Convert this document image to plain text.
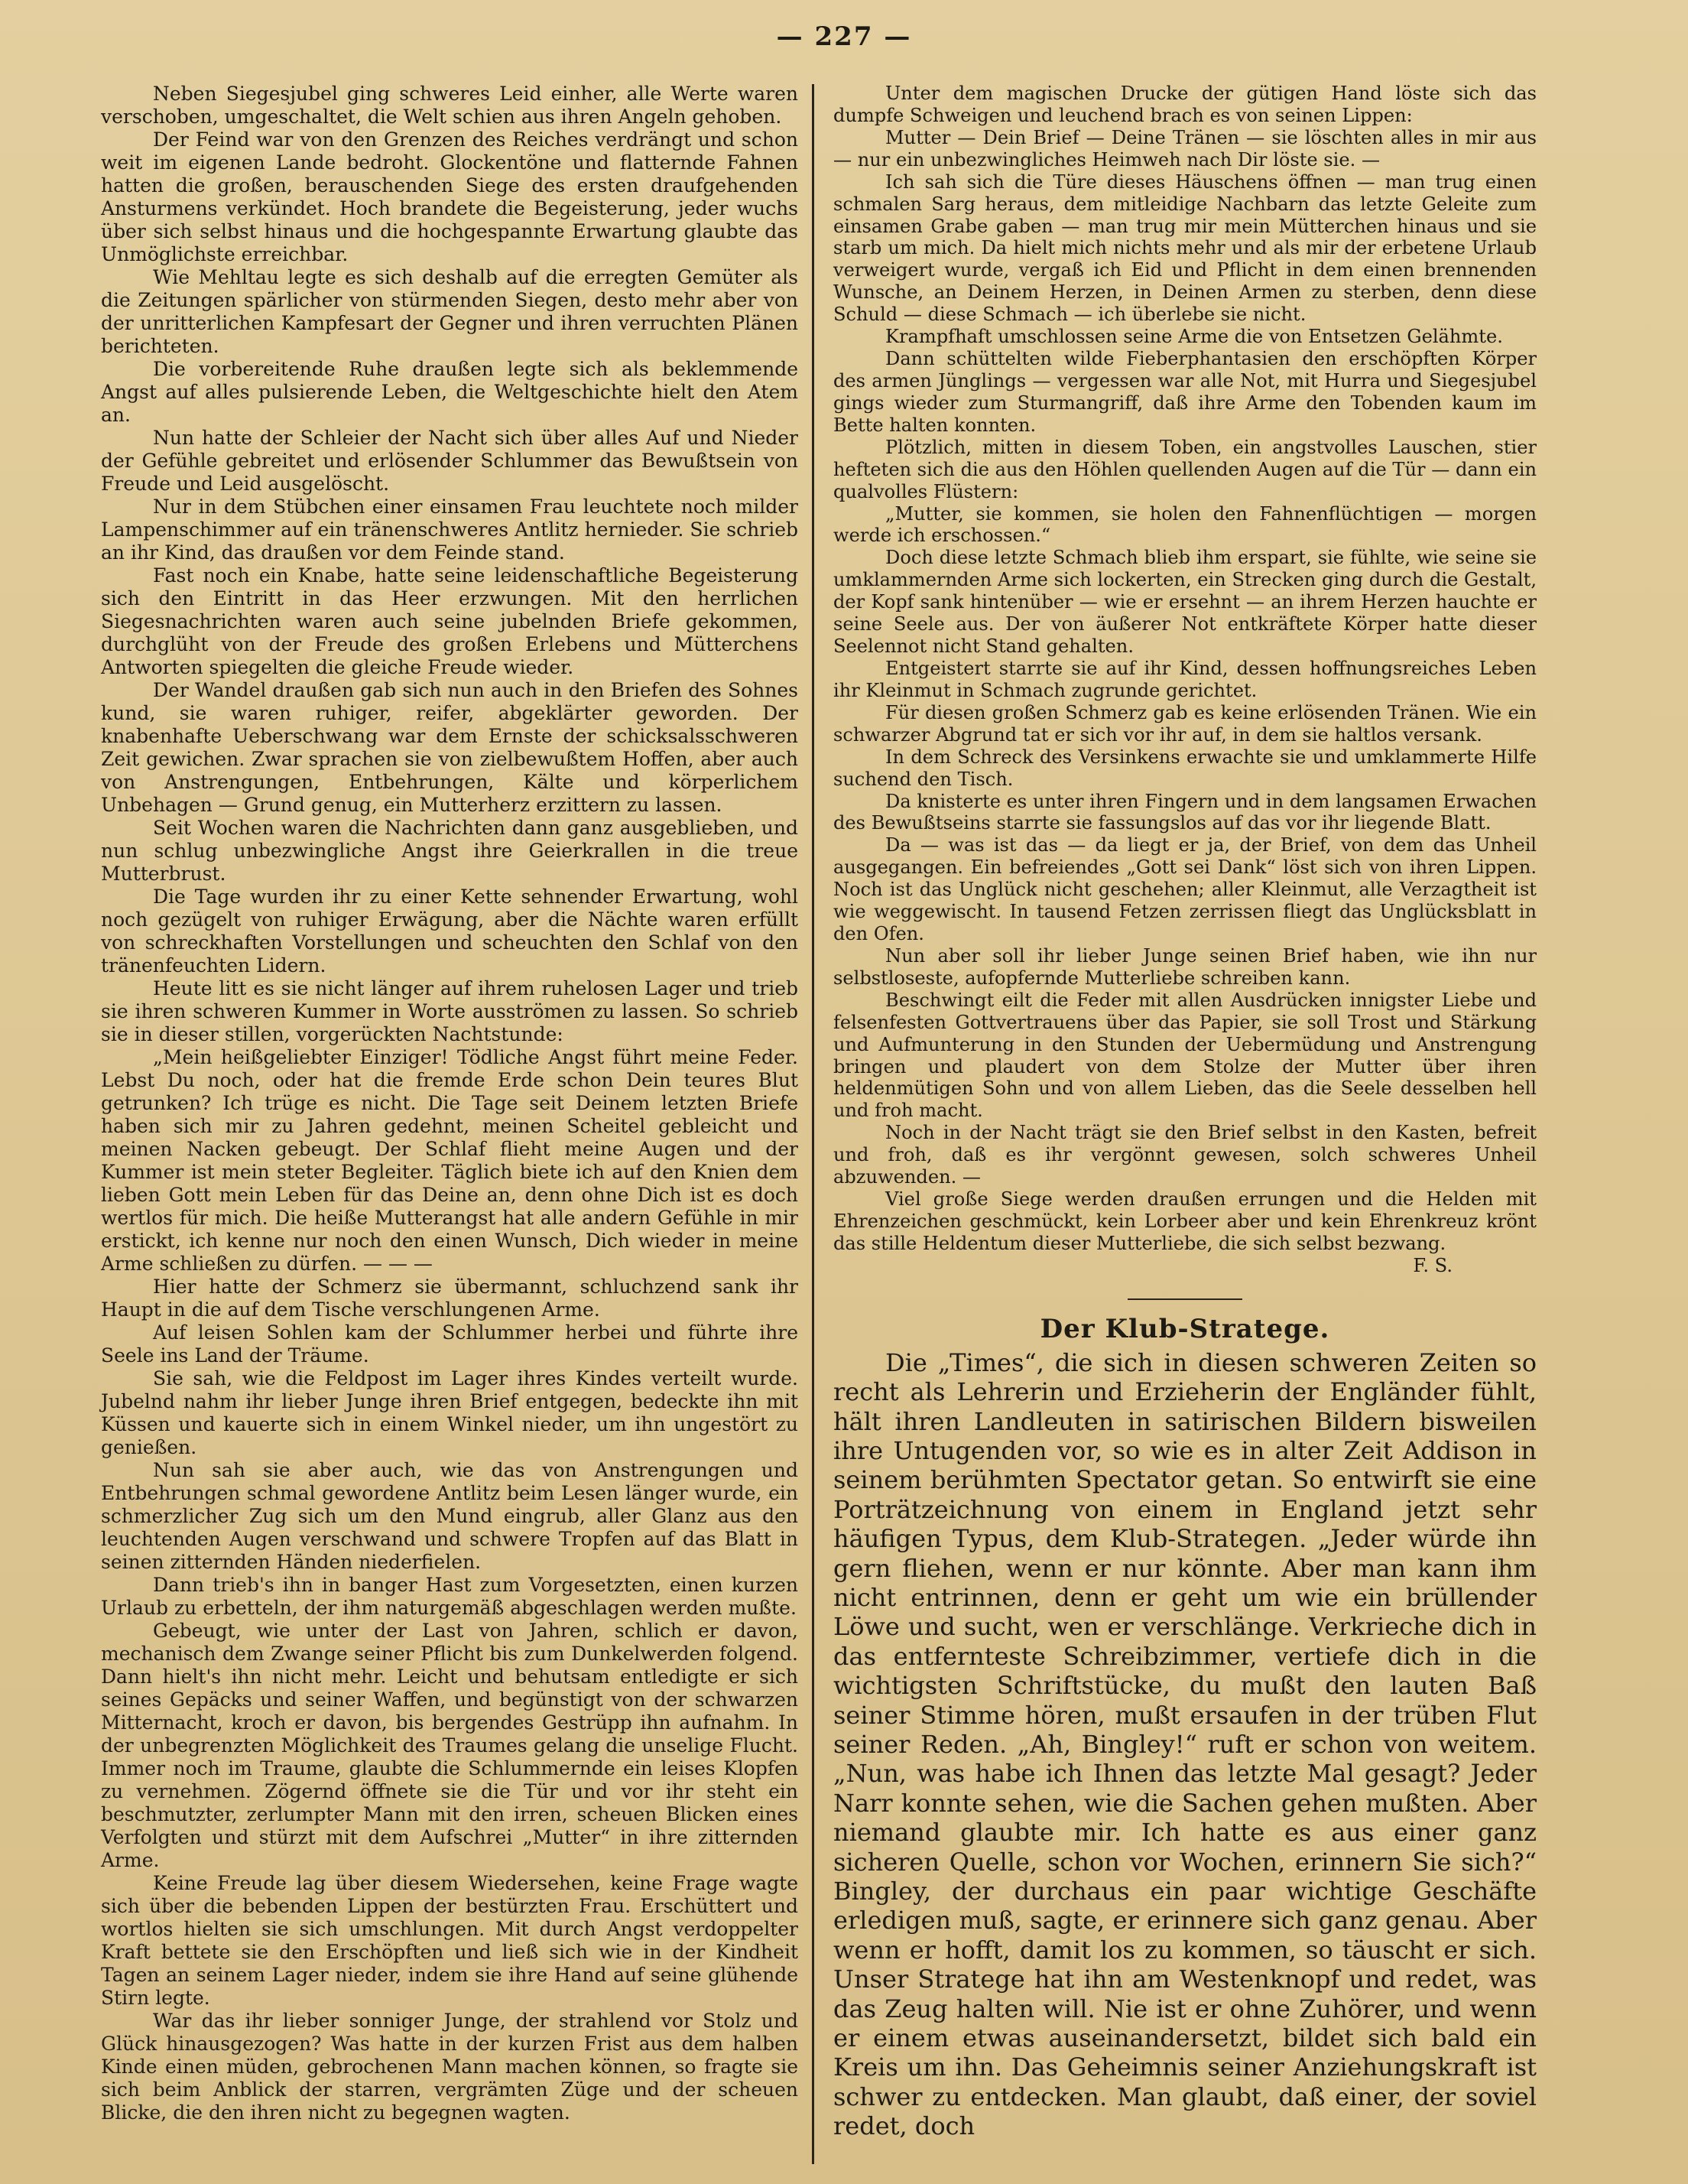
— 227 —

Neben Siegesjubel ging schweres Leid einher, alle Werte waren verschoben, umgeschaltet, die Welt schien aus ihren Angeln gehoben.

Der Feind war von den Grenzen des Reiches verdrängt und schon weit im eigenen Lande bedroht. Glockentöne und flatternde Fahnen hatten die großen, berauschenden Siege des ersten draufgehenden Ansturmens verkündet. Hoch brandete die Begeisterung, jeder wuchs über sich selbst hinaus und die hochgespannte Erwartung glaubte das Unmöglichste erreichbar.

Wie Mehltau legte es sich deshalb auf die erregten Gemüter als die Zeitungen spärlicher von stürmenden Siegen, desto mehr aber von der unritterlichen Kampfesart der Gegner und ihren verruchten Plänen berichteten.

Die vorbereitende Ruhe draußen legte sich als beklemmende Angst auf alles pulsierende Leben, die Weltgeschichte hielt den Atem an.

Nun hatte der Schleier der Nacht sich über alles Auf und Nieder der Gefühle gebreitet und erlösender Schlummer das Bewußtsein von Freude und Leid ausgelöscht.

Nur in dem Stübchen einer einsamen Frau leuchtete noch milder Lampenschimmer auf ein tränenschweres Antlitz hernieder. Sie schrieb an ihr Kind, das draußen vor dem Feinde stand.

Fast noch ein Knabe, hatte seine leidenschaftliche Begeisterung sich den Eintritt in das Heer erzwungen. Mit den herrlichen Siegesnachrichten waren auch seine jubelnden Briefe gekommen, durchglüht von der Freude des großen Erlebens und Mütterchens Antworten spiegelten die gleiche Freude wieder.

Der Wandel draußen gab sich nun auch in den Briefen des Sohnes kund, sie waren ruhiger, reifer, abgeklärter geworden. Der knabenhafte Ueberschwang war dem Ernste der schicksalsschweren Zeit gewichen. Zwar sprachen sie von zielbewußtem Hoffen, aber auch von Anstrengungen, Entbehrungen, Kälte und körperlichem Unbehagen — Grund genug, ein Mutterherz erzittern zu lassen.

Seit Wochen waren die Nachrichten dann ganz ausgeblieben, und nun schlug unbezwingliche Angst ihre Geierkrallen in die treue Mutterbrust.

Die Tage wurden ihr zu einer Kette sehnender Erwartung, wohl noch gezügelt von ruhiger Erwägung, aber die Nächte waren erfüllt von schreckhaften Vorstellungen und scheuchten den Schlaf von den tränenfeuchten Lidern.

Heute litt es sie nicht länger auf ihrem ruhelosen Lager und trieb sie ihren schweren Kummer in Worte ausströmen zu lassen. So schrieb sie in dieser stillen, vorgerückten Nachtstunde:

„Mein heißgeliebter Einziger! Tödliche Angst führt meine Feder. Lebst Du noch, oder hat die fremde Erde schon Dein teures Blut getrunken? Ich trüge es nicht. Die Tage seit Deinem letzten Briefe haben sich mir zu Jahren gedehnt, meinen Scheitel gebleicht und meinen Nacken gebeugt. Der Schlaf flieht meine Augen und der Kummer ist mein steter Begleiter. Täglich biete ich auf den Knien dem lieben Gott mein Leben für das Deine an, denn ohne Dich ist es doch wertlos für mich. Die heiße Mutterangst hat alle andern Gefühle in mir erstickt, ich kenne nur noch den einen Wunsch, Dich wieder in meine Arme schließen zu dürfen. — — —

Hier hatte der Schmerz sie übermannt, schluchzend sank ihr Haupt in die auf dem Tische verschlungenen Arme.

Auf leisen Sohlen kam der Schlummer herbei und führte ihre Seele ins Land der Träume.

Sie sah, wie die Feldpost im Lager ihres Kindes verteilt wurde. Jubelnd nahm ihr lieber Junge ihren Brief entgegen, bedeckte ihn mit Küssen und kauerte sich in einem Winkel nieder, um ihn ungestört zu genießen.

Nun sah sie aber auch, wie das von Anstrengungen und Entbehrungen schmal gewordene Antlitz beim Lesen länger wurde, ein schmerzlicher Zug sich um den Mund eingrub, aller Glanz aus den leuchtenden Augen verschwand und schwere Tropfen auf das Blatt in seinen zitternden Händen niederfielen.

Dann trieb's ihn in banger Hast zum Vorgesetzten, einen kurzen Urlaub zu erbetteln, der ihm naturgemäß abgeschlagen werden mußte.

Gebeugt, wie unter der Last von Jahren, schlich er davon, mechanisch dem Zwange seiner Pflicht bis zum Dunkelwerden folgend. Dann hielt's ihn nicht mehr. Leicht und behutsam entledigte er sich seines Gepäcks und seiner Waffen, und begünstigt von der schwarzen Mitternacht, kroch er davon, bis bergendes Gestrüpp ihn aufnahm. In der unbegrenzten Möglichkeit des Traumes gelang die unselige Flucht. Immer noch im Traume, glaubte die Schlummernde ein leises Klopfen zu vernehmen. Zögernd öffnete sie die Tür und vor ihr steht ein beschmutzter, zerlumpter Mann mit den irren, scheuen Blicken eines Verfolgten und stürzt mit dem Aufschrei „Mutter“ in ihre zitternden Arme.

Keine Freude lag über diesem Wiedersehen, keine Frage wagte sich über die bebenden Lippen der bestürzten Frau. Erschüttert und wortlos hielten sie sich umschlungen. Mit durch Angst verdoppelter Kraft bettete sie den Erschöpften und ließ sich wie in der Kindheit Tagen an seinem Lager nieder, indem sie ihre Hand auf seine glühende Stirn legte.

War das ihr lieber sonniger Junge, der strahlend vor Stolz und Glück hinausgezogen? Was hatte in der kurzen Frist aus dem halben Kinde einen müden, gebrochenen Mann machen können, so fragte sie sich beim Anblick der starren, vergrämten Züge und der scheuen Blicke, die den ihren nicht zu begegnen wagten.

Unter dem magischen Drucke der gütigen Hand löste sich das dumpfe Schweigen und leuchend brach es von seinen Lippen:

Mutter — Dein Brief — Deine Tränen — sie löschten alles in mir aus — nur ein unbezwingliches Heimweh nach Dir löste sie. —

Ich sah sich die Türe dieses Häuschens öffnen — man trug einen schmalen Sarg heraus, dem mitleidige Nachbarn das letzte Geleite zum einsamen Grabe gaben — man trug mir mein Mütterchen hinaus und sie starb um mich. Da hielt mich nichts mehr und als mir der erbetene Urlaub verweigert wurde, vergaß ich Eid und Pflicht in dem einen brennenden Wunsche, an Deinem Herzen, in Deinen Armen zu sterben, denn diese Schuld — diese Schmach — ich überlebe sie nicht.

Krampfhaft umschlossen seine Arme die von Entsetzen Gelähmte.

Dann schüttelten wilde Fieberphantasien den erschöpften Körper des armen Jünglings — vergessen war alle Not, mit Hurra und Siegesjubel gings wieder zum Sturmangriff, daß ihre Arme den Tobenden kaum im Bette halten konnten.

Plötzlich, mitten in diesem Toben, ein angstvolles Lauschen, stier hefteten sich die aus den Höhlen quellenden Augen auf die Tür — dann ein qualvolles Flüstern:

„Mutter, sie kommen, sie holen den Fahnenflüchtigen — morgen werde ich erschossen.“

Doch diese letzte Schmach blieb ihm erspart, sie fühlte, wie seine sie umklammernden Arme sich lockerten, ein Strecken ging durch die Gestalt, der Kopf sank hintenüber — wie er ersehnt — an ihrem Herzen hauchte er seine Seele aus. Der von äußerer Not entkräftete Körper hatte dieser Seelennot nicht Stand gehalten.

Entgeistert starrte sie auf ihr Kind, dessen hoffnungsreiches Leben ihr Kleinmut in Schmach zugrunde gerichtet.

Für diesen großen Schmerz gab es keine erlösenden Tränen. Wie ein schwarzer Abgrund tat er sich vor ihr auf, in dem sie haltlos versank.

In dem Schreck des Versinkens erwachte sie und umklammerte Hilfe suchend den Tisch.

Da knisterte es unter ihren Fingern und in dem langsamen Erwachen des Bewußtseins starrte sie fassungslos auf das vor ihr liegende Blatt.

Da — was ist das — da liegt er ja, der Brief, von dem das Unheil ausgegangen. Ein befreiendes „Gott sei Dank“ löst sich von ihren Lippen. Noch ist das Unglück nicht geschehen; aller Kleinmut, alle Verzagtheit ist wie weggewischt. In tausend Fetzen zerrissen fliegt das Unglücksblatt in den Ofen.

Nun aber soll ihr lieber Junge seinen Brief haben, wie ihn nur selbstloseste, aufopfernde Mutterliebe schreiben kann.

Beschwingt eilt die Feder mit allen Ausdrücken innigster Liebe und felsenfesten Gottvertrauens über das Papier, sie soll Trost und Stärkung und Aufmunterung in den Stunden der Uebermüdung und Anstrengung bringen und plaudert von dem Stolze der Mutter über ihren heldenmütigen Sohn und von allem Lieben, das die Seele desselben hell und froh macht.

Noch in der Nacht trägt sie den Brief selbst in den Kasten, befreit und froh, daß es ihr vergönnt gewesen, solch schweres Unheil abzuwenden. —

Viel große Siege werden draußen errungen und die Helden mit Ehrenzeichen geschmückt, kein Lorbeer aber und kein Ehrenkreuz krönt das stille Heldentum dieser Mutterliebe, die sich selbst bezwang.

F. S.

Der Klub-Stratege.

Die „Times“, die sich in diesen schweren Zeiten so recht als Lehrerin und Erzieherin der Engländer fühlt, hält ihren Landleuten in satirischen Bildern bisweilen ihre Untugenden vor, so wie es in alter Zeit Addison in seinem berühmten Spectator getan. So entwirft sie eine Porträtzeichnung von einem in England jetzt sehr häufigen Typus, dem Klub-Strategen. „Jeder würde ihn gern fliehen, wenn er nur könnte. Aber man kann ihm nicht entrinnen, denn er geht um wie ein brüllender Löwe und sucht, wen er verschlänge. Verkrieche dich in das entfernteste Schreibzimmer, vertiefe dich in die wichtigsten Schriftstücke, du mußt den lauten Baß seiner Stimme hören, mußt ersaufen in der trüben Flut seiner Reden. „Ah, Bingley!“ ruft er schon von weitem. „Nun, was habe ich Ihnen das letzte Mal gesagt? Jeder Narr konnte sehen, wie die Sachen gehen mußten. Aber niemand glaubte mir. Ich hatte es aus einer ganz sicheren Quelle, schon vor Wochen, erinnern Sie sich?“ Bingley, der durchaus ein paar wichtige Geschäfte erledigen muß, sagte, er erinnere sich ganz genau. Aber wenn er hofft, damit los zu kommen, so täuscht er sich. Unser Stratege hat ihn am Westenknopf und redet, was das Zeug halten will. Nie ist er ohne Zuhörer, und wenn er einem etwas auseinandersetzt, bildet sich bald ein Kreis um ihn. Das Geheimnis seiner Anziehungskraft ist schwer zu entdecken. Man glaubt, daß einer, der soviel redet, doch
